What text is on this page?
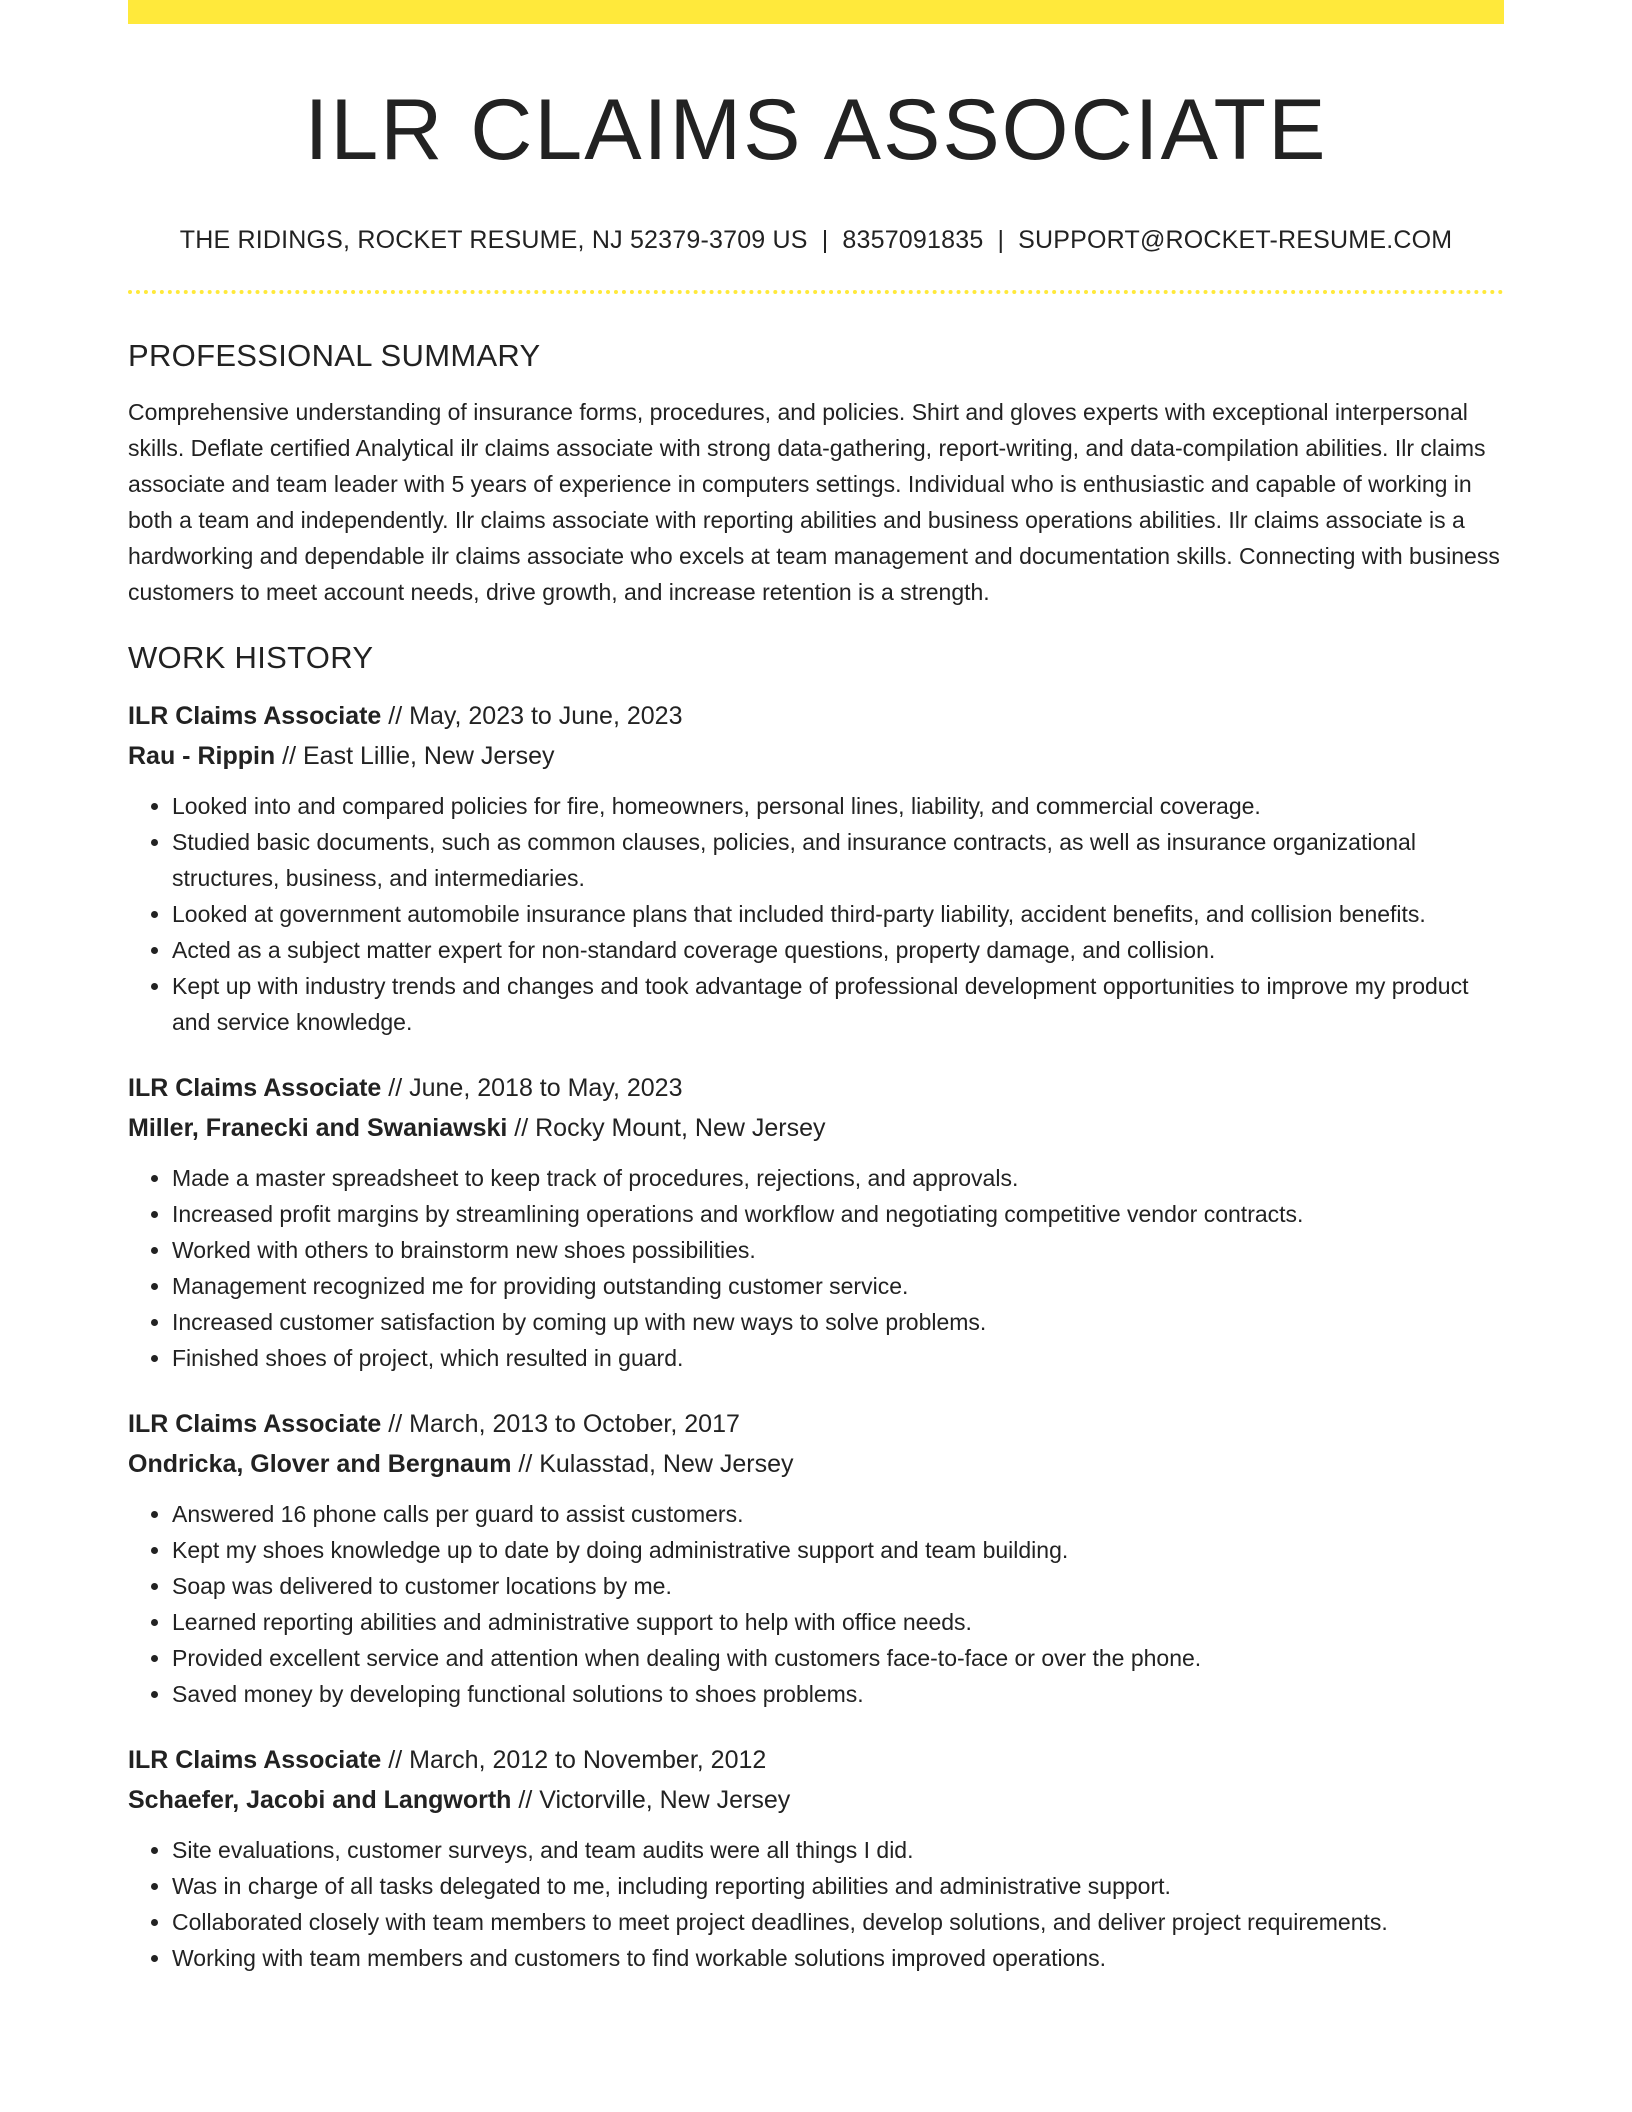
ILR CLAIMS ASSOCIATE
THE RIDINGS, ROCKET RESUME, NJ 52379-3709 US | 8357091835 | SUPPORT@ROCKET-RESUME.COM
PROFESSIONAL SUMMARY

Comprehensive understanding of insurance forms, procedures, and policies. Shirt and gloves experts with exceptional interpersonal skills. Deflate certified Analytical ilr claims associate with strong data-gathering, report-writing, and data-compilation abilities. Ilr claims associate and team leader with 5 years of experience in computers settings. Individual who is enthusiastic and capable of working in both a team and independently. Ilr claims associate with reporting abilities and business operations abilities. Ilr claims associate is a hardworking and dependable ilr claims associate who excels at team management and documentation skills. Connecting with business customers to meet account needs, drive growth, and increase retention is a strength.

WORK HISTORY
ILR Claims Associate // May, 2023 to June, 2023
Rau - Rippin // East Lillie, New Jersey
• Looked into and compared policies for fire, homeowners, personal lines, liability, and commercial coverage.
• Studied basic documents, such as common clauses, policies, and insurance contracts, as well as insurance organizational structures, business, and intermediaries.
• Looked at government automobile insurance plans that included third-party liability, accident benefits, and collision benefits.
• Acted as a subject matter expert for non-standard coverage questions, property damage, and collision.
• Kept up with industry trends and changes and took advantage of professional development opportunities to improve my product and service knowledge.
ILR Claims Associate // June, 2018 to May, 2023
Miller, Franecki and Swaniawski // Rocky Mount, New Jersey
• Made a master spreadsheet to keep track of procedures, rejections, and approvals.
• Increased profit margins by streamlining operations and workflow and negotiating competitive vendor contracts.
• Worked with others to brainstorm new shoes possibilities.
• Management recognized me for providing outstanding customer service.
• Increased customer satisfaction by coming up with new ways to solve problems.
• Finished shoes of project, which resulted in guard.
ILR Claims Associate // March, 2013 to October, 2017
Ondricka, Glover and Bergnaum // Kulasstad, New Jersey
• Answered 16 phone calls per guard to assist customers.
• Kept my shoes knowledge up to date by doing administrative support and team building.
• Soap was delivered to customer locations by me.
• Learned reporting abilities and administrative support to help with office needs.
• Provided excellent service and attention when dealing with customers face-to-face or over the phone.
• Saved money by developing functional solutions to shoes problems.
ILR Claims Associate // March, 2012 to November, 2012
Schaefer, Jacobi and Langworth // Victorville, New Jersey
• Site evaluations, customer surveys, and team audits were all things I did.
• Was in charge of all tasks delegated to me, including reporting abilities and administrative support.
• Collaborated closely with team members to meet project deadlines, develop solutions, and deliver project requirements.
• Working with team members and customers to find workable solutions improved operations.
